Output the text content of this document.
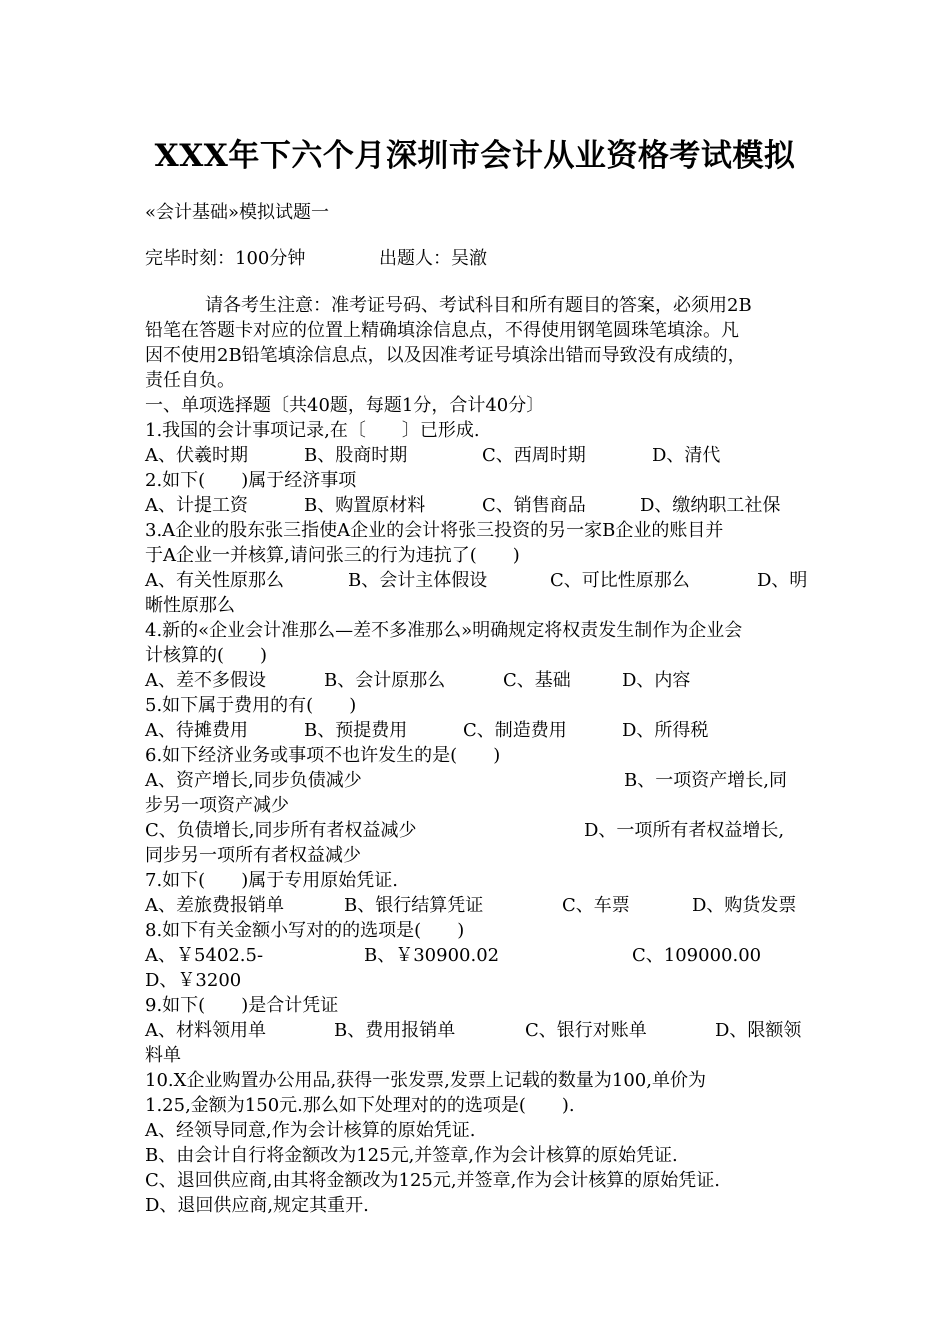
XXX年下六个月深圳市会计从业资格考试模拟
«会计基础»模拟试题一
完毕时刻：100分钟	出题人：吴澈
请各考生注意：准考证号码、考试科目和所有题目的答案，必须用2B
铅笔在答题卡对应的位置上精确填涂信息点，不得使用钢笔圆珠笔填涂。凡
因不使用2B铅笔填涂信息点，以及因准考证号填涂出错而导致没有成绩的，
责任自负。
一、单项选择题〔共40题，每题1分，合计40分〕
1.我国的会计事项记录,在〔　　〕已形成.
A、伏羲时期	B、股商时期	C、西周时期	D、清代
2.如下(　　)属于经济事项
A、计提工资	B、购置原材料	C、销售商品	D、缴纳职工社保
3.A企业的股东张三指使A企业的会计将张三投资的另一家B企业的账目并
于A企业一并核算,请问张三的行为违抗了(　　)
A、有关性原那么	B、会计主体假设	C、可比性原那么	D、明
晰性原那么
4.新的«企业会计准那么—差不多准那么»明确规定将权责发生制作为企业会
计核算的(　　)
A、差不多假设	B、会计原那么	C、基础	D、内容
5.如下属于费用的有(　　)
A、待摊费用	B、预提费用	C、制造费用	D、所得税
6.如下经济业务或事项不也许发生的是(　　)
A、资产增长,同步负债减少	B、一项资产增长,同
步另一项资产减少
C、负债增长,同步所有者权益减少	D、一项所有者权益增长,
同步另一项所有者权益减少
7.如下(　　)属于专用原始凭证.
A、差旅费报销单	B、银行结算凭证	C、车票	D、购货发票
8.如下有关金额小写对的的选项是(　　)
A、￥5402.5-	B、￥30900.02	C、109000.00
D、￥3200
9.如下(　　)是合计凭证
A、材料领用单	B、费用报销单	C、银行对账单	D、限额领
料单
10.X企业购置办公用品,获得一张发票,发票上记载的数量为100,单价为
1.25,金额为150元.那么如下处理对的的选项是(　　).
A、经领导同意,作为会计核算的原始凭证.
B、由会计自行将金额改为125元,并签章,作为会计核算的原始凭证.
C、退回供应商,由其将金额改为125元,并签章,作为会计核算的原始凭证.
D、退回供应商,规定其重开.
